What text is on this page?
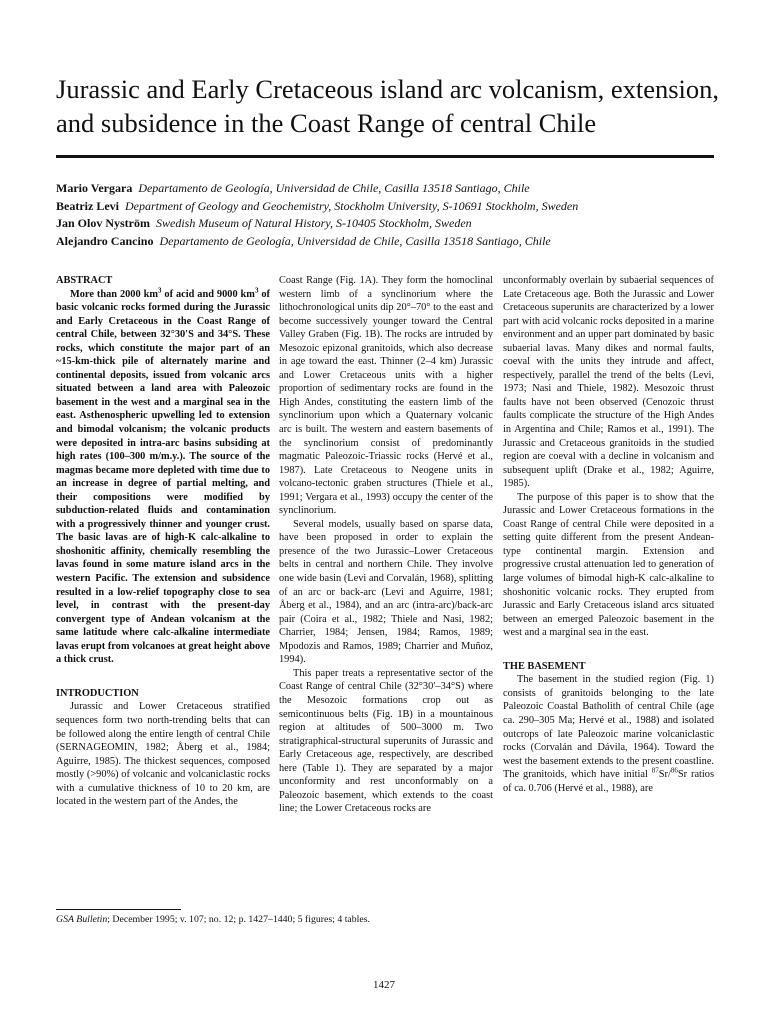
Jurassic and Early Cretaceous island arc volcanism, extension, and subsidence in the Coast Range of central Chile
Mario Vergara Departamento de Geología, Universidad de Chile, Casilla 13518 Santiago, Chile
Beatriz Levi Department of Geology and Geochemistry, Stockholm University, S-10691 Stockholm, Sweden
Jan Olov Nyström Swedish Museum of Natural History, S-10405 Stockholm, Sweden
Alejandro Cancino Departamento de Geología, Universidad de Chile, Casilla 13518 Santiago, Chile

ABSTRACT

More than 2000 $km^3$ of acid and 9000 $km^3$ of basic volcanic rocks formed during the Jurassic and Early Cretaceous in the Coast Range of central Chile, between 32°30′S and 34°S. These rocks, which constitute the major part of an ~15-km-thick pile of alternately marine and continental deposits, issued from volcanic arcs situated between a land area with Paleozoic basement in the west and a marginal sea in the east. Asthenospheric upwelling led to extension and bimodal volcanism; the volcanic products were deposited in intra-arc basins subsiding at high rates (100–300 m/m.y.). The source of the magmas became more depleted with time due to an increase in degree of partial melting, and their compositions were modified by subduction-related fluids and contamination with a progressively thinner and younger crust. The basic lavas are of high-K calc-alkaline to shoshonitic affinity, chemically resembling the lavas found in some mature island arcs in the western Pacific. The extension and subsidence resulted in a low-relief topography close to sea level, in contrast with the present-day convergent type of Andean volcanism at the same latitude where calc-alkaline intermediate lavas erupt from volcanoes at great height above a thick crust.

INTRODUCTION

Jurassic and Lower Cretaceous stratified sequences form two north-trending belts that can be followed along the entire length of central Chile (SERNAGEOMIN, 1982; Åberg et al., 1984; Aguirre, 1985). The thickest sequences, composed mostly (>90%) of volcanic and volcaniclastic rocks with a cumulative thickness of 10 to 20 km, are located in the western part of the Andes, the

Coast Range (Fig. 1A). They form the homoclinal western limb of a synclinorium where the lithochronological units dip 20°–70° to the east and become successively younger toward the Central Valley Graben (Fig. 1B). The rocks are intruded by Mesozoic epizonal granitoids, which also decrease in age toward the east. Thinner (2–4 km) Jurassic and Lower Cretaceous units with a higher proportion of sedimentary rocks are found in the High Andes, constituting the eastern limb of the synclinorium upon which a Quaternary volcanic arc is built. The western and eastern basements of the synclinorium consist of predominantly magmatic Paleozoic-Triassic rocks (Hervé et al., 1987). Late Cretaceous to Neogene units in volcano-tectonic graben structures (Thiele et al., 1991; Vergara et al., 1993) occupy the center of the synclinorium.

Several models, usually based on sparse data, have been proposed in order to explain the presence of the two Jurassic–Lower Cretaceous belts in central and northern Chile. They involve one wide basin (Levi and Corvalán, 1968), splitting of an arc or back-arc (Levi and Aguirre, 1981; Åberg et al., 1984), and an arc (intra-arc)/back-arc pair (Coira et al., 1982; Thiele and Nasi, 1982; Charrier, 1984; Jensen, 1984; Ramos, 1989; Mpodozis and Ramos, 1989; Charrier and Muñoz, 1994).

This paper treats a representative sector of the Coast Range of central Chile (32°30′–34°S) where the Mesozoic formations crop out as semicontinuous belts (Fig. 1B) in a mountainous region at altitudes of 500–3000 m. Two stratigraphical-structural superunits of Jurassic and Early Cretaceous age, respectively, are described here (Table 1). They are separated by a major unconformity and rest unconformably on a Paleozoic basement, which extends to the coast line; the Lower Cretaceous rocks are

unconformably overlain by subaerial sequences of Late Cretaceous age. Both the Jurassic and Lower Cretaceous superunits are characterized by a lower part with acid volcanic rocks deposited in a marine environment and an upper part dominated by basic subaerial lavas. Many dikes and normal faults, coeval with the units they intrude and affect, respectively, parallel the trend of the belts (Levi, 1973; Nasi and Thiele, 1982). Mesozoic thrust faults have not been observed (Cenozoic thrust faults complicate the structure of the High Andes in Argentina and Chile; Ramos et al., 1991). The Jurassic and Cretaceous granitoids in the studied region are coeval with a decline in volcanism and subsequent uplift (Drake et al., 1982; Aguirre, 1985).

The purpose of this paper is to show that the Jurassic and Lower Cretaceous formations in the Coast Range of central Chile were deposited in a setting quite different from the present Andean-type continental margin. Extension and progressive crustal attenuation led to generation of large volumes of bimodal high-K calc-alkaline to shoshonitic volcanic rocks. They erupted from Jurassic and Early Cretaceous island arcs situated between an emerged Paleozoic basement in the west and a marginal sea in the east.

THE BASEMENT

The basement in the studied region (Fig. 1) consists of granitoids belonging to the late Paleozoic Coastal Batholith of central Chile (age ca. 290–305 Ma; Hervé et al., 1988) and isolated outcrops of late Paleozoic marine volcaniclastic rocks (Corvalán and Dávila, 1964). Toward the west the basement extends to the present coastline. The granitoids, which have initial $^{87}$Sr/$^{86}$Sr ratios of ca. 0.706 (Hervé et al., 1988), are

GSA Bulletin; December 1995; v. 107; no. 12; p. 1427–1440; 5 figures; 4 tables.
1427
